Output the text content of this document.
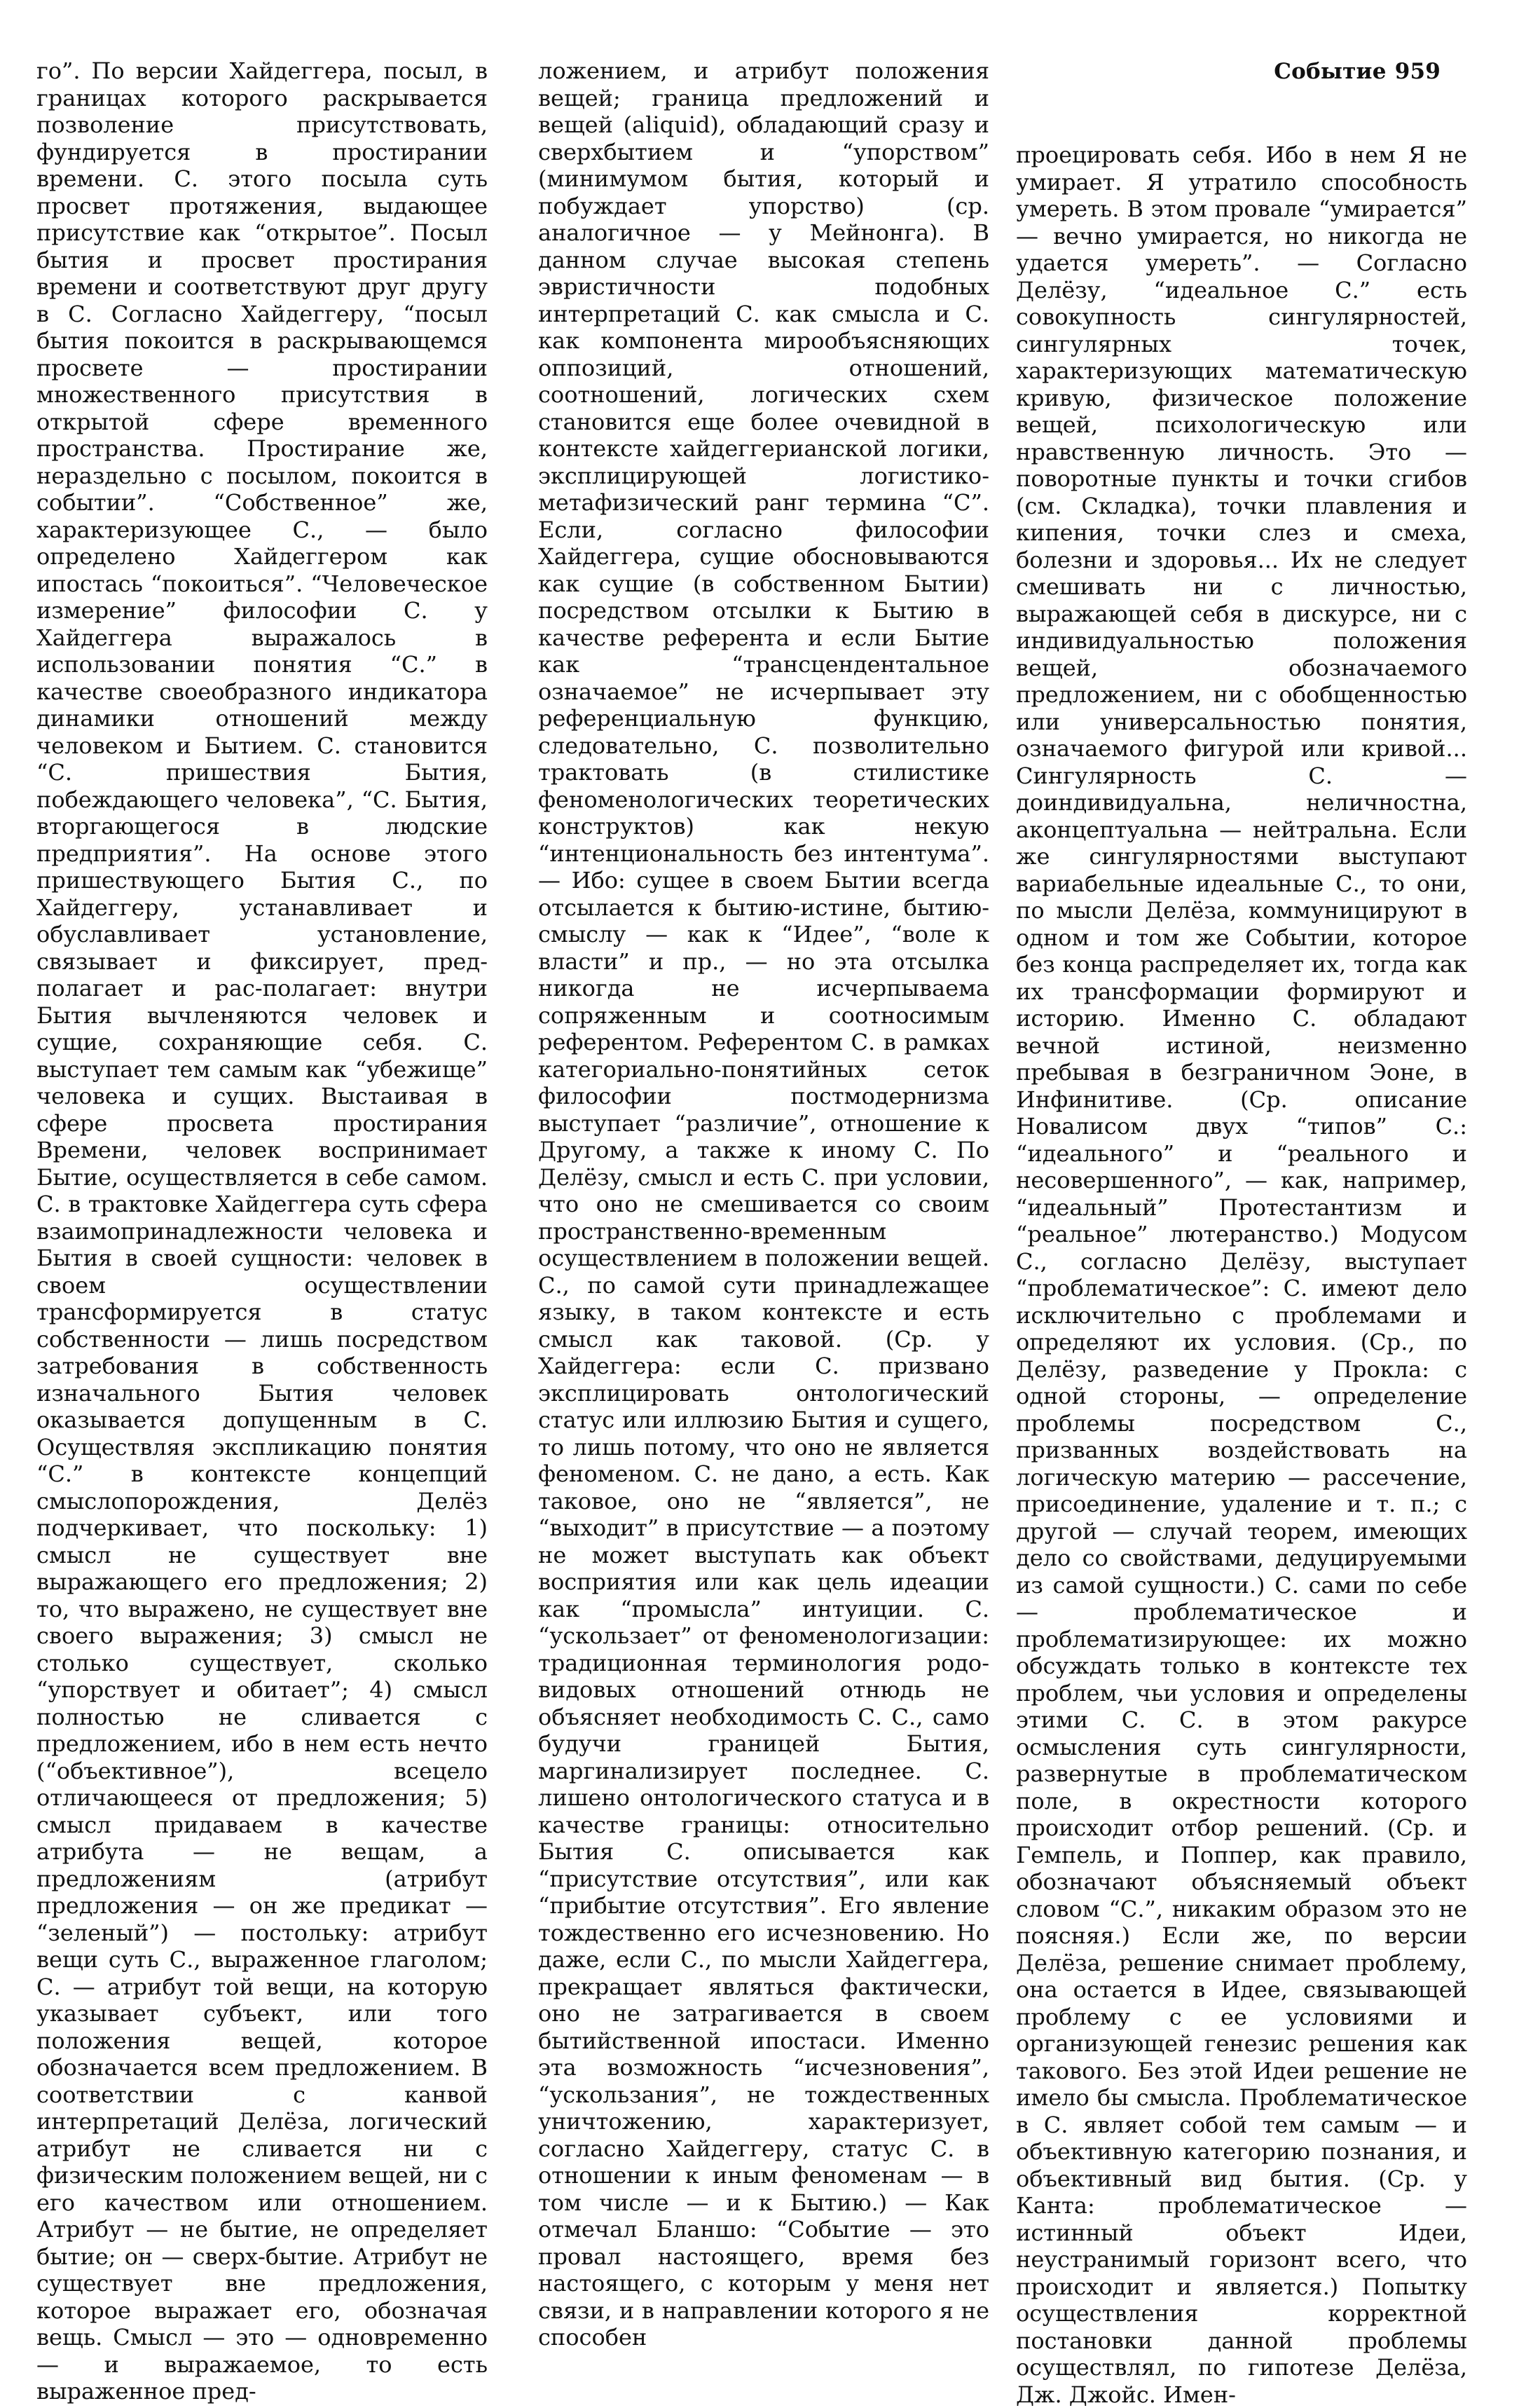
Событие 959

го”. По версии Хайдеггера, посыл, в границах которого раскрывается позволение присутствовать, фундируется в простирании времени. С. этого посыла суть просвет протяжения, выдающее присутствие как “открытое”. Посыл бытия и просвет простирания времени и соответствуют друг другу в С. Согласно Хайдеггеру, “посыл бытия покоится в раскрывающемся просвете — простирании множественного присутствия в открытой сфере временного пространства. Простирание же, нераздельно с посылом, покоится в событии”. “Собственное” же, характеризующее С., — было определено Хайдеггером как ипостась “покоиться”. “Человеческое измерение” философии С. у Хайдеггера выражалось в использовании понятия “С.” в качестве своеобразного индикатора динамики отношений между человеком и Бытием. С. становится “С. пришествия Бытия, побеждающего человека”, “С. Бытия, вторгающегося в людские предприятия”. На основе этого пришествующего Бытия С., по Хайдеггеру, устанавливает и обуславливает установление, связывает и фиксирует, пред-полагает и рас-полагает: внутри Бытия вычленяются человек и сущие, сохраняющие себя. С. выступает тем самым как “убежище” человека и сущих. Выстаивая в сфере просвета простирания Времени, человек воспринимает Бытие, осуществляется в себе самом. С. в трактовке Хайдеггера суть сфера взаимопринадлежности человека и Бытия в своей сущности: человек в своем осуществлении трансформируется в статус собственности — лишь посредством затребования в собственность изначального Бытия человек оказывается допущенным в С. Осуществляя экспликацию понятия “С.” в контексте концепций смыслопорождения, Делёз подчеркивает, что поскольку: 1) смысл не существует вне выражающего его предложения; 2) то, что выражено, не существует вне своего выражения; 3) смысл не столько существует, сколько “упорствует и обитает”; 4) смысл полностью не сливается с предложением, ибо в нем есть нечто (“объективное”), всецело отличающееся от предложения; 5) смысл придаваем в качестве атрибута — не вещам, а предложениям (атрибут предложения — он же предикат — “зеленый”) — постольку: атрибут вещи суть С., выраженное глаголом; С. — атрибут той вещи, на которую указывает субъект, или того положения вещей, которое обозначается всем предложением. В соответствии с канвой интерпретаций Делёза, логический атрибут не сливается ни с физическим положением вещей, ни с его качеством или отношением. Атрибут — не бытие, не определяет бытие; он — сверх-бытие. Атрибут не существует вне предложения, которое выражает его, обозначая вещь. Смысл — это — одновременно — и выражаемое, то есть выраженное пред-

ложением, и атрибут положения вещей; граница предложений и вещей (aliquid), обладающий сразу и сверхбытием и “упорством” (минимумом бытия, который и побуждает упорство) (ср. аналогичное — у Мейнонга). В данном случае высокая степень эвристичности подобных интерпретаций С. как смысла и С. как компонента мирообъясняющих оппозиций, отношений, соотношений, логических схем становится еще более очевидной в контексте хайдеггерианской логики, эксплицирующей логистико-метафизический ранг термина “С”. Если, согласно философии Хайдеггера, сущие обосновываются как сущие (в собственном Бытии) посредством отсылки к Бытию в качестве референта и если Бытие как “трансцендентальное означаемое” не исчерпывает эту референциальную функцию, следовательно, С. позволительно трактовать (в стилистике феноменологических теоретических конструктов) как некую “интенциональность без интентума”. — Ибо: сущее в своем Бытии всегда отсылается к бытию-истине, бытию-смыслу — как к “Идее”, “воле к власти” и пр., — но эта отсылка никогда не исчерпываема сопряженным и соотносимым референтом. Референтом С. в рамках категориально-понятийных сеток философии постмодернизма выступает “различие”, отношение к Другому, а также к иному С. По Делёзу, смысл и есть С. при условии, что оно не смешивается со своим пространственно-временным осуществлением в положении вещей. С., по самой сути принадлежащее языку, в таком контексте и есть смысл как таковой. (Ср. у Хайдеггера: если С. призвано эксплицировать онтологический статус или иллюзию Бытия и сущего, то лишь потому, что оно не является феноменом. С. не дано, а есть. Как таковое, оно не “является”, не “выходит” в присутствие — а поэтому не может выступать как объект восприятия или как цель идеации как “промысла” интуиции. С. “ускользает” от феноменологизации: традиционная терминология родо-видовых отношений отнюдь не объясняет необходимость С. С., само будучи границей Бытия, маргинализирует последнее. С. лишено онтологического статуса и в качестве границы: относительно Бытия С. описывается как “присутствие отсутствия”, или как “прибытие отсутствия”. Его явление тождественно его исчезновению. Но даже, если С., по мысли Хайдеггера, прекращает являться фактически, оно не затрагивается в своем бытийственной ипостаси. Именно эта возможность “исчезновения”, “ускользания”, не тождественных уничтожению, характеризует, согласно Хайдеггеру, статус С. в отношении к иным феноменам — в том числе — и к Бытию.) — Как отмечал Бланшо: “Событие — это провал настоящего, время без настоящего, с которым у меня нет связи, и в направлении которого я не способен

проецировать себя. Ибо в нем Я не умирает. Я утратило способность умереть. В этом провале “умирается” — вечно умирается, но никогда не удается умереть”. — Согласно Делёзу, “идеальное С.” есть совокупность сингулярностей, сингулярных точек, характеризующих математическую кривую, физическое положение вещей, психологическую или нравственную личность. Это — поворотные пункты и точки сгибов (см. Складка), точки плавления и кипения, точки слез и смеха, болезни и здоровья... Их не следует смешивать ни с личностью, выражающей себя в дискурсе, ни с индивидуальностью положения вещей, обозначаемого предложением, ни с обобщенностью или универсальностью понятия, означаемого фигурой или кривой... Сингулярность С. — доиндивидуальна, неличностна, аконцептуальна — нейтральна. Если же сингулярностями выступают вариабельные идеальные С., то они, по мысли Делёза, коммуницируют в одном и том же Событии, которое без конца распределяет их, тогда как их трансформации формируют и историю. Именно С. обладают вечной истиной, неизменно пребывая в безграничном Эоне, в Инфинитиве. (Ср. описание Новалисом двух “типов” С.: “идеального” и “реального и несовершенного”, — как, например, “идеальный” Протестантизм и “реальное” лютеранство.) Модусом С., согласно Делёзу, выступает “проблематическое”: С. имеют дело исключительно с проблемами и определяют их условия. (Ср., по Делёзу, разведение у Прокла: с одной стороны, — определение проблемы посредством С., призванных воздействовать на логическую материю — рассечение, присоединение, удаление и т. п.; с другой — случай теорем, имеющих дело со свойствами, дедуцируемыми из самой сущности.) С. сами по себе — проблематическое и проблематизирующее: их можно обсуждать только в контексте тех проблем, чьи условия и определены этими С. С. в этом ракурсе осмысления суть сингулярности, развернутые в проблематическом поле, в окрестности которого происходит отбор решений. (Ср. и Гемпель, и Поппер, как правило, обозначают объясняемый объект словом “С.”, никаким образом это не поясняя.) Если же, по версии Делёза, решение снимает проблему, она остается в Идее, связывающей проблему с ее условиями и организующей генезис решения как такового. Без этой Идеи решение не имело бы смысла. Проблематическое в С. являет собой тем самым — и объективную категорию познания, и объективный вид бытия. (Ср. у Канта: проблематическое — истинный объект Идеи, неустранимый горизонт всего, что происходит и является.) Попытку осуществления корректной постановки данной проблемы осуществлял, по гипотезе Делёза, Дж. Джойс. Имен-
